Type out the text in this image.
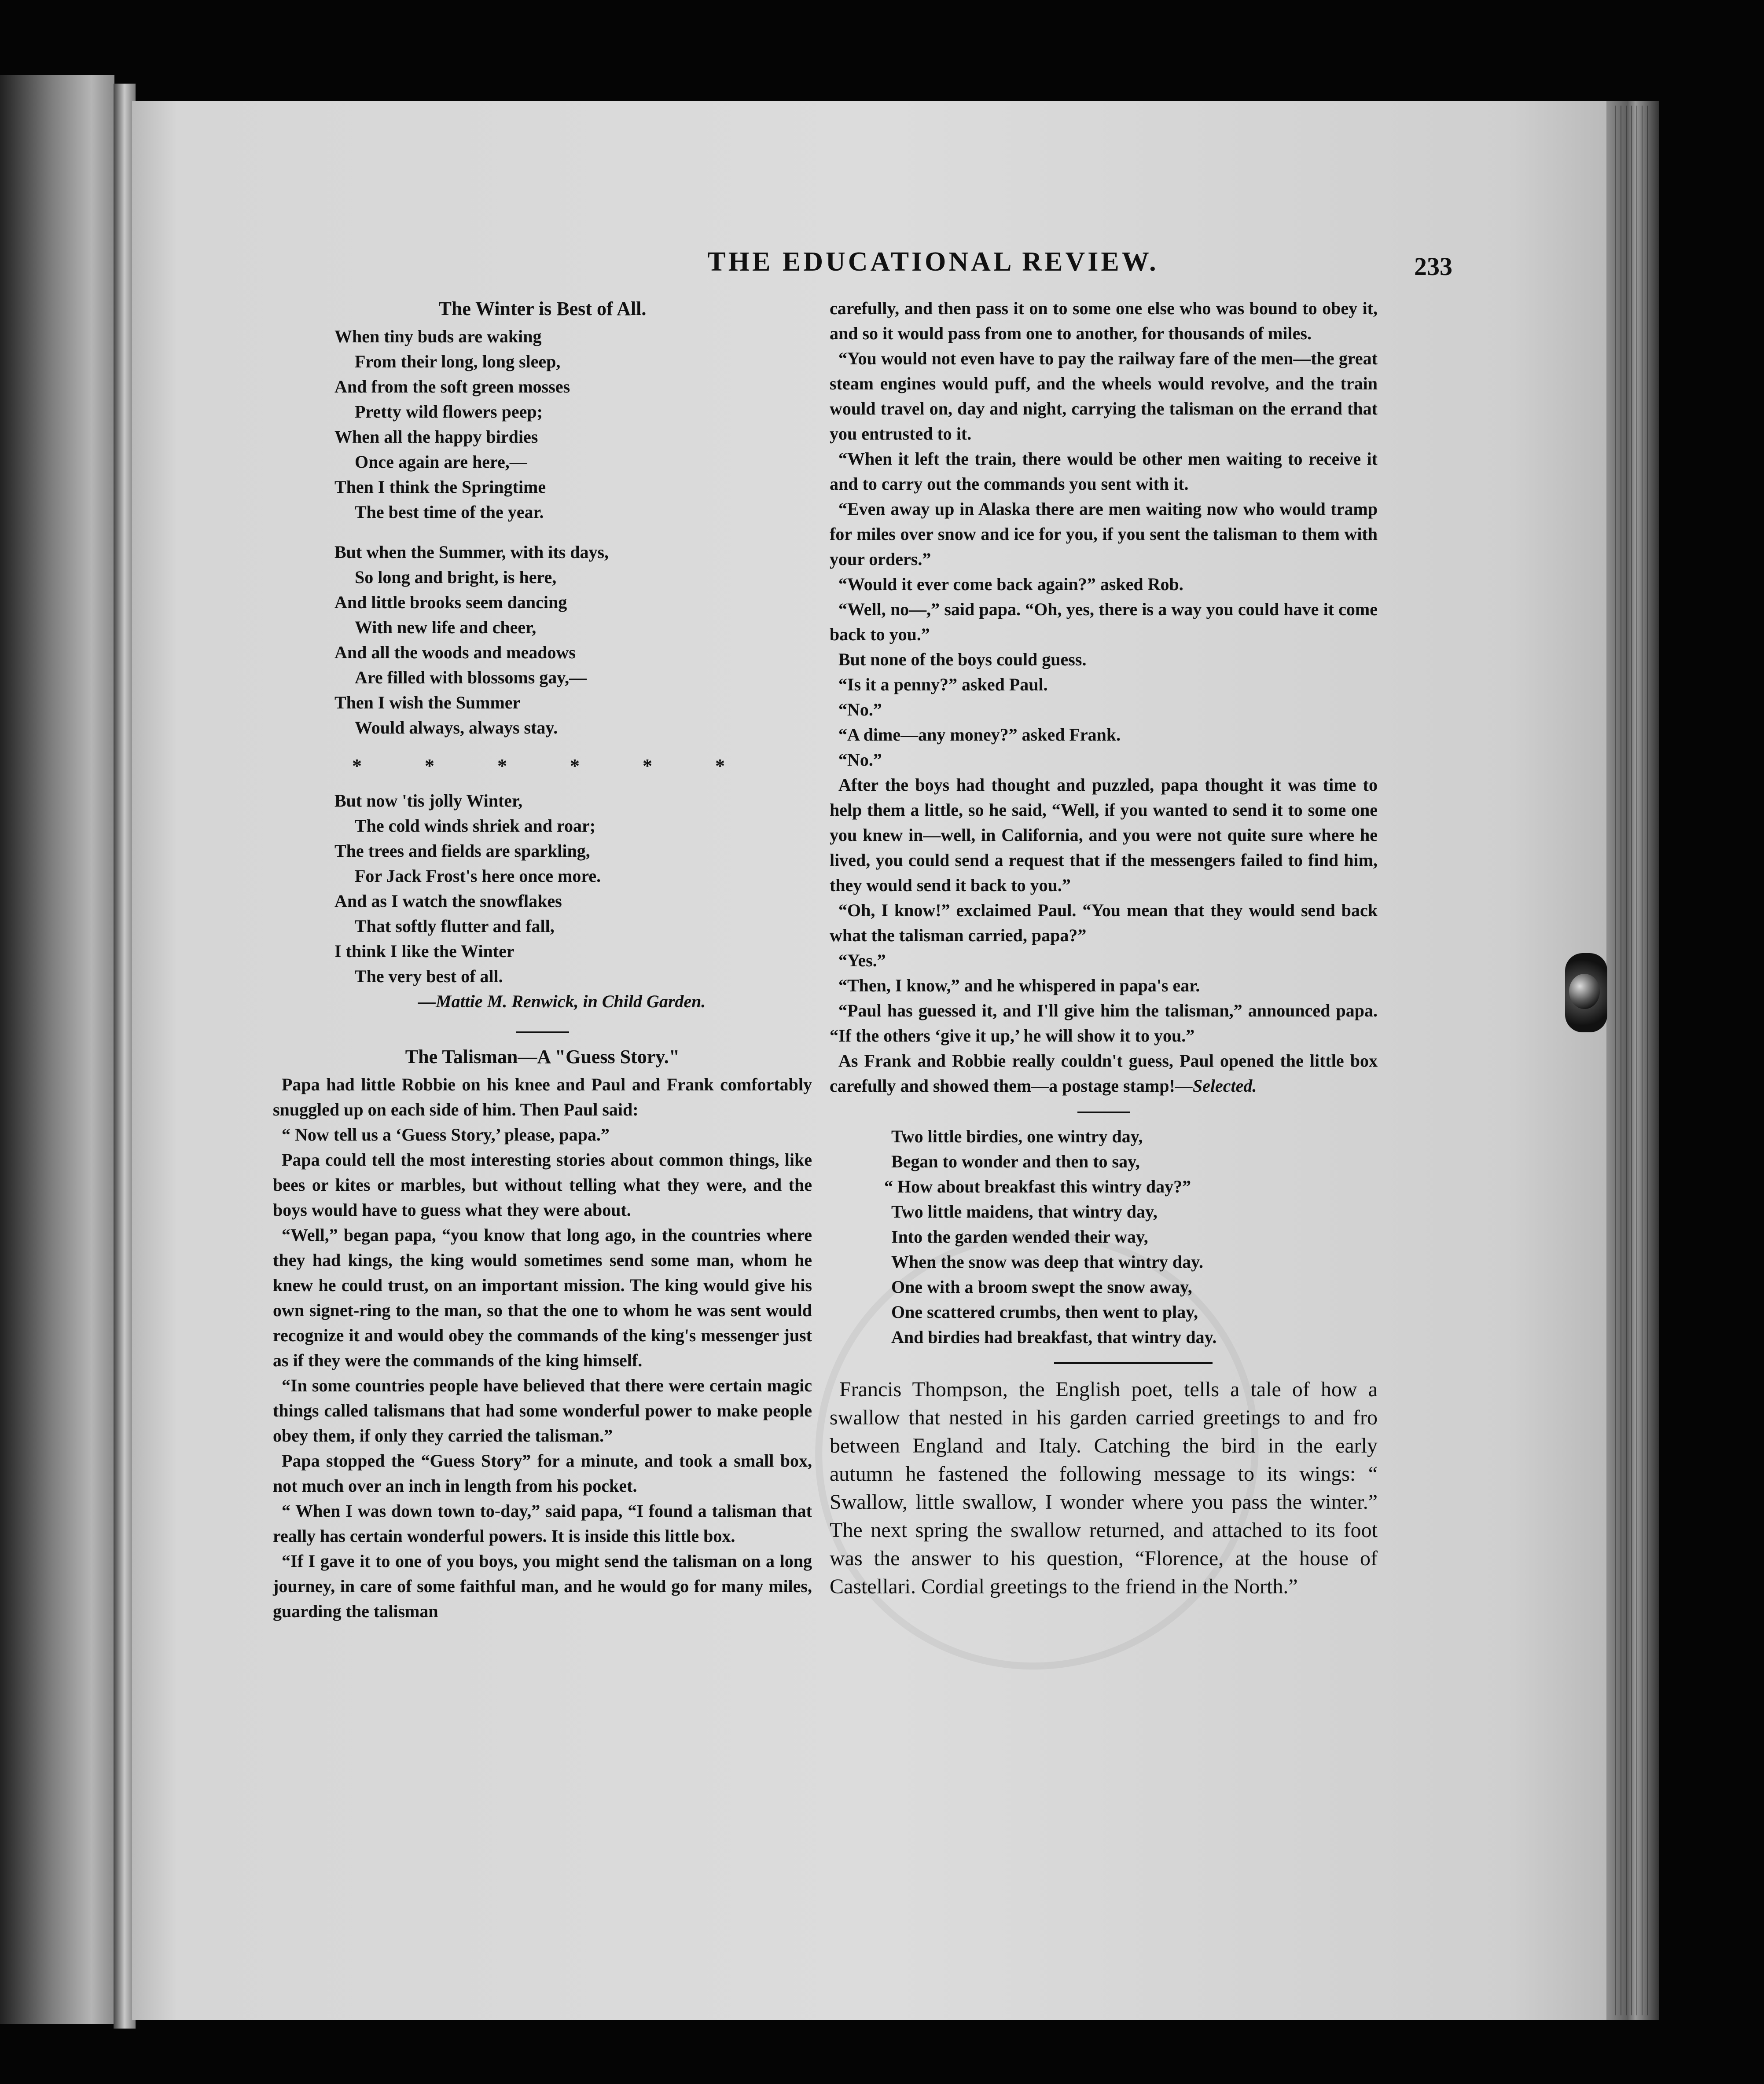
THE EDUCATIONAL REVIEW.	233
The Winter is Best of All.
When tiny buds are waking
From their long, long sleep,
And from the soft green mosses
Pretty wild flowers peep;
When all the happy birdies
Once again are here,—
Then I think the Springtime
The best time of the year.
But when the Summer, with its days,
So long and bright, is here,
And little brooks seem dancing
With new life and cheer,
And all the woods and meadows
Are filled with blossoms gay,—
Then I wish the Summer
Would always, always stay.
* * * * * *
But now 'tis jolly Winter,
The cold winds shriek and roar;
The trees and fields are sparkling,
For Jack Frost's here once more.
And as I watch the snowflakes
That softly flutter and fall,
I think I like the Winter
The very best of all.
—Mattie M. Renwick, in Child Garden.
The Talisman—A "Guess Story."

Papa had little Robbie on his knee and Paul and Frank comfortably snuggled up on each side of him. Then Paul said:

“ Now tell us a ‘Guess Story,’ please, papa.”

Papa could tell the most interesting stories about common things, like bees or kites or marbles, but without telling what they were, and the boys would have to guess what they were about.

“Well,” began papa, “you know that long ago, in the countries where they had kings, the king would sometimes send some man, whom he knew he could trust, on an important mission. The king would give his own signet-ring to the man, so that the one to whom he was sent would recognize it and would obey the commands of the king's messenger just as if they were the commands of the king himself.

“In some countries people have believed that there were certain magic things called talismans that had some wonderful power to make people obey them, if only they carried the talisman.”

Papa stopped the “Guess Story” for a minute, and took a small box, not much over an inch in length from his pocket.

“ When I was down town to-day,” said papa, “I found a talisman that really has certain wonderful powers. It is inside this little box.

“If I gave it to one of you boys, you might send the talisman on a long journey, in care of some faithful man, and he would go for many miles, guarding the talisman

carefully, and then pass it on to some one else who was bound to obey it, and so it would pass from one to another, for thousands of miles.

“You would not even have to pay the railway fare of the men—the great steam engines would puff, and the wheels would revolve, and the train would travel on, day and night, carrying the talisman on the errand that you entrusted to it.

“When it left the train, there would be other men waiting to receive it and to carry out the commands you sent with it.

“Even away up in Alaska there are men waiting now who would tramp for miles over snow and ice for you, if you sent the talisman to them with your orders.”

“Would it ever come back again?” asked Rob.

“Well, no—,” said papa. “Oh, yes, there is a way you could have it come back to you.”

But none of the boys could guess.

“Is it a penny?” asked Paul.

“No.”

“A dime—any money?” asked Frank.

“No.”

After the boys had thought and puzzled, papa thought it was time to help them a little, so he said, “Well, if you wanted to send it to some one you knew in—well, in California, and you were not quite sure where he lived, you could send a request that if the messengers failed to find him, they would send it back to you.”

“Oh, I know!” exclaimed Paul. “You mean that they would send back what the talisman carried, papa?”

“Yes.”

“Then, I know,” and he whispered in papa's ear.

“Paul has guessed it, and I'll give him the talisman,” announced papa. “If the others ‘give it up,’ he will show it to you.”

As Frank and Robbie really couldn't guess, Paul opened the little box carefully and showed them—a postage stamp!—Selected.

Two little birdies, one wintry day,
Began to wonder and then to say,
“ How about breakfast this wintry day?”
Two little maidens, that wintry day,
Into the garden wended their way,
When the snow was deep that wintry day.
One with a broom swept the snow away,
One scattered crumbs, then went to play,
And birdies had breakfast, that wintry day.

Francis Thompson, the English poet, tells a tale of how a swallow that nested in his garden carried greetings to and fro between England and Italy. Catching the bird in the early autumn he fastened the following message to its wings: “ Swallow, little swallow, I wonder where you pass the winter.” The next spring the swallow returned, and attached to its foot was the answer to his question, “Florence, at the house of Castellari. Cordial greetings to the friend in the North.”
